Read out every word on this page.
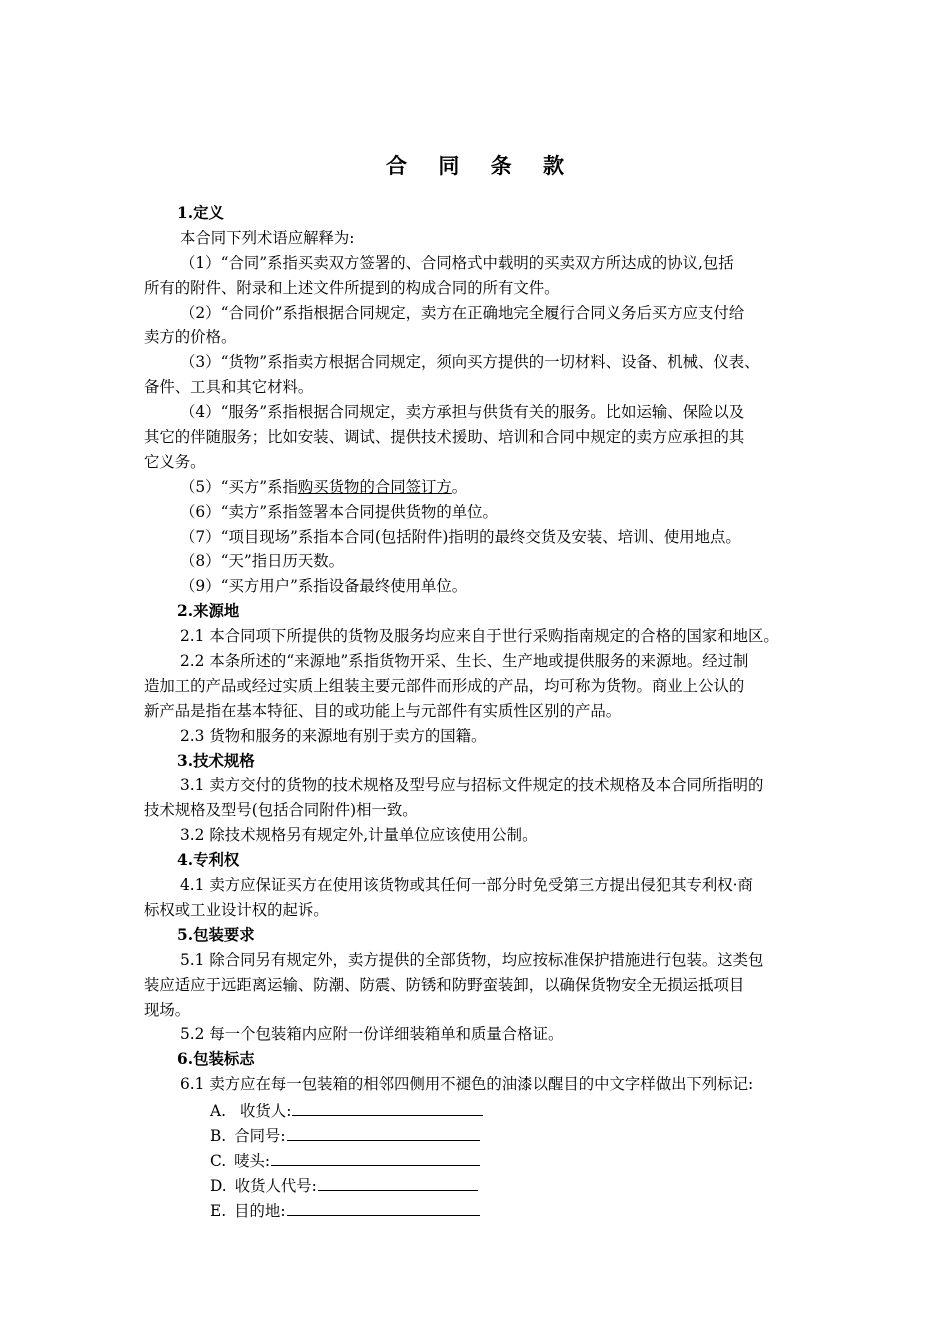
合 同 条 款

1.定义

本合同下列术语应解释为:

（1）“合同”系指买卖双方签署的、合同格式中载明的买卖双方所达成的协议,包括

所有的附件、附录和上述文件所提到的构成合同的所有文件。

（2）“合同价”系指根据合同规定，卖方在正确地完全履行合同义务后买方应支付给

卖方的价格。

（3）“货物”系指卖方根据合同规定，须向买方提供的一切材料、设备、机械、仪表、

备件、工具和其它材料。

（4）“服务”系指根据合同规定，卖方承担与供货有关的服务。比如运输、保险以及

其它的伴随服务；比如安装、调试、提供技术援助、培训和合同中规定的卖方应承担的其

它义务。

（5）“买方”系指购买货物的合同签订方。

（6）“卖方”系指签署本合同提供货物的单位。

（7）“项目现场”系指本合同(包括附件)指明的最终交货及安装、培训、使用地点。

（8）“天”指日历天数。

（9）“买方用户”系指设备最终使用单位。

2.来源地

2.1 本合同项下所提供的货物及服务均应来自于世行采购指南规定的合格的国家和地区。

2.2 本条所述的“来源地”系指货物开采、生长、生产地或提供服务的来源地。经过制

造加工的产品或经过实质上组装主要元部件而形成的产品，均可称为货物。商业上公认的

新产品是指在基本特征、目的或功能上与元部件有实质性区别的产品。

2.3 货物和服务的来源地有别于卖方的国籍。

3.技术规格

3.1 卖方交付的货物的技术规格及型号应与招标文件规定的技术规格及本合同所指明的

技术规格及型号(包括合同附件)相一致。

3.2 除技术规格另有规定外,计量单位应该使用公制。

4.专利权

4.1 卖方应保证买方在使用该货物或其任何一部分时免受第三方提出侵犯其专利权·商

标权或工业设计权的起诉。

5.包装要求

5.1 除合同另有规定外，卖方提供的全部货物，均应按标准保护措施进行包装。这类包

装应适应于远距离运输、防潮、防震、防锈和防野蛮装卸，以确保货物安全无损运抵项目

现场。

5.2 每一个包装箱内应附一份详细装箱单和质量合格证。

6.包装标志

6.1 卖方应在每一包装箱的相邻四侧用不褪色的油漆以醒目的中文字样做出下列标记:

A. 收货人:

B. 合同号:

C. 唛头:

D. 收货人代号:

E. 目的地:
